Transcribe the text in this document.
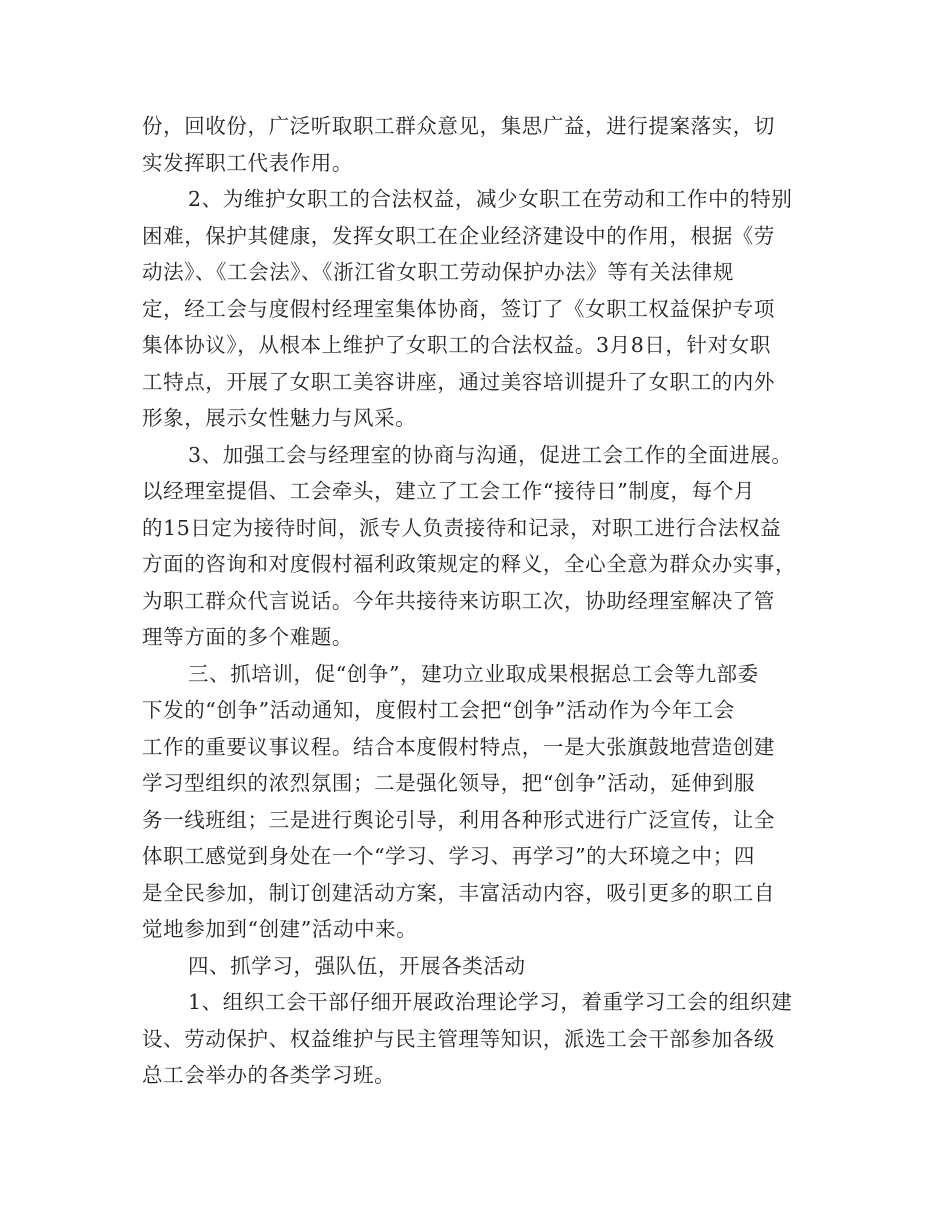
份，回收份，广泛听取职工群众意见，集思广益，进行提案落实，切
实发挥职工代表作用。
2、为维护女职工的合法权益，减少女职工在劳动和工作中的特别
困难，保护其健康，发挥女职工在企业经济建设中的作用，根据《劳
动法》、《工会法》、《浙江省女职工劳动保护办法》等有关法律规
定，经工会与度假村经理室集体协商，签订了《女职工权益保护专项
集体协议》，从根本上维护了女职工的合法权益。3月8日，针对女职
工特点，开展了女职工美容讲座，通过美容培训提升了女职工的内外
形象，展示女性魅力与风采。
3、加强工会与经理室的协商与沟通，促进工会工作的全面进展。
以经理室提倡、工会牵头，建立了工会工作“接待日”制度，每个月
的15日定为接待时间，派专人负责接待和记录，对职工进行合法权益
方面的咨询和对度假村福利政策规定的释义，全心全意为群众办实事，
为职工群众代言说话。今年共接待来访职工次，协助经理室解决了管
理等方面的多个难题。
三、抓培训，促“创争”，建功立业取成果根据总工会等九部委
下发的“创争”活动通知，度假村工会把“创争”活动作为今年工会
工作的重要议事议程。结合本度假村特点，一是大张旗鼓地营造创建
学习型组织的浓烈氛围；二是强化领导，把“创争”活动，延伸到服
务一线班组；三是进行舆论引导，利用各种形式进行广泛宣传，让全
体职工感觉到身处在一个“学习、学习、再学习”的大环境之中；四
是全民参加，制订创建活动方案，丰富活动内容，吸引更多的职工自
觉地参加到“创建”活动中来。
四、抓学习，强队伍，开展各类活动
1、组织工会干部仔细开展政治理论学习，着重学习工会的组织建
设、劳动保护、权益维护与民主管理等知识，派选工会干部参加各级
总工会举办的各类学习班。
